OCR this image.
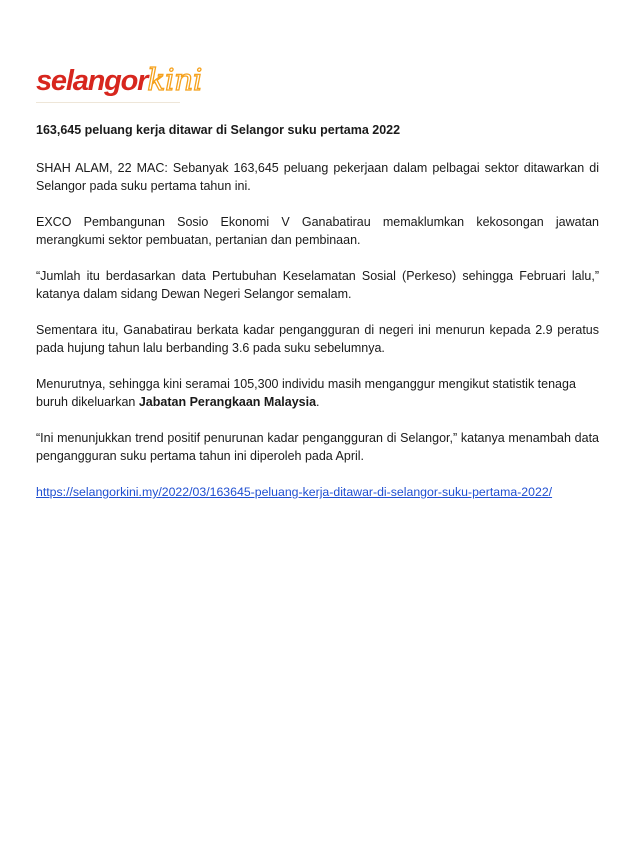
selangor kini
163,645 peluang kerja ditawar di Selangor suku pertama 2022

SHAH ALAM, 22 MAC: Sebanyak 163,645 peluang pekerjaan dalam pelbagai sektor ditawarkan di Selangor pada suku pertama tahun ini.

EXCO Pembangunan Sosio Ekonomi V Ganabatirau memaklumkan kekosongan jawatan merangkumi sektor pembuatan, pertanian dan pembinaan.

“Jumlah itu berdasarkan data Pertubuhan Keselamatan Sosial (Perkeso) sehingga Februari lalu,” katanya dalam sidang Dewan Negeri Selangor semalam.

Sementara itu, Ganabatirau berkata kadar pengangguran di negeri ini menurun kepada 2.9 peratus pada hujung tahun lalu berbanding 3.6 pada suku sebelumnya.

Menurutnya, sehingga kini seramai 105,300 individu masih menganggur mengikut statistik tenaga buruh dikeluarkan Jabatan Perangkaan Malaysia.

“Ini menunjukkan trend positif penurunan kadar pengangguran di Selangor,” katanya menambah data pengangguran suku pertama tahun ini diperoleh pada April.

https://selangorkini.my/2022/03/163645-peluang-kerja-ditawar-di-selangor-suku-pertama-2022/
